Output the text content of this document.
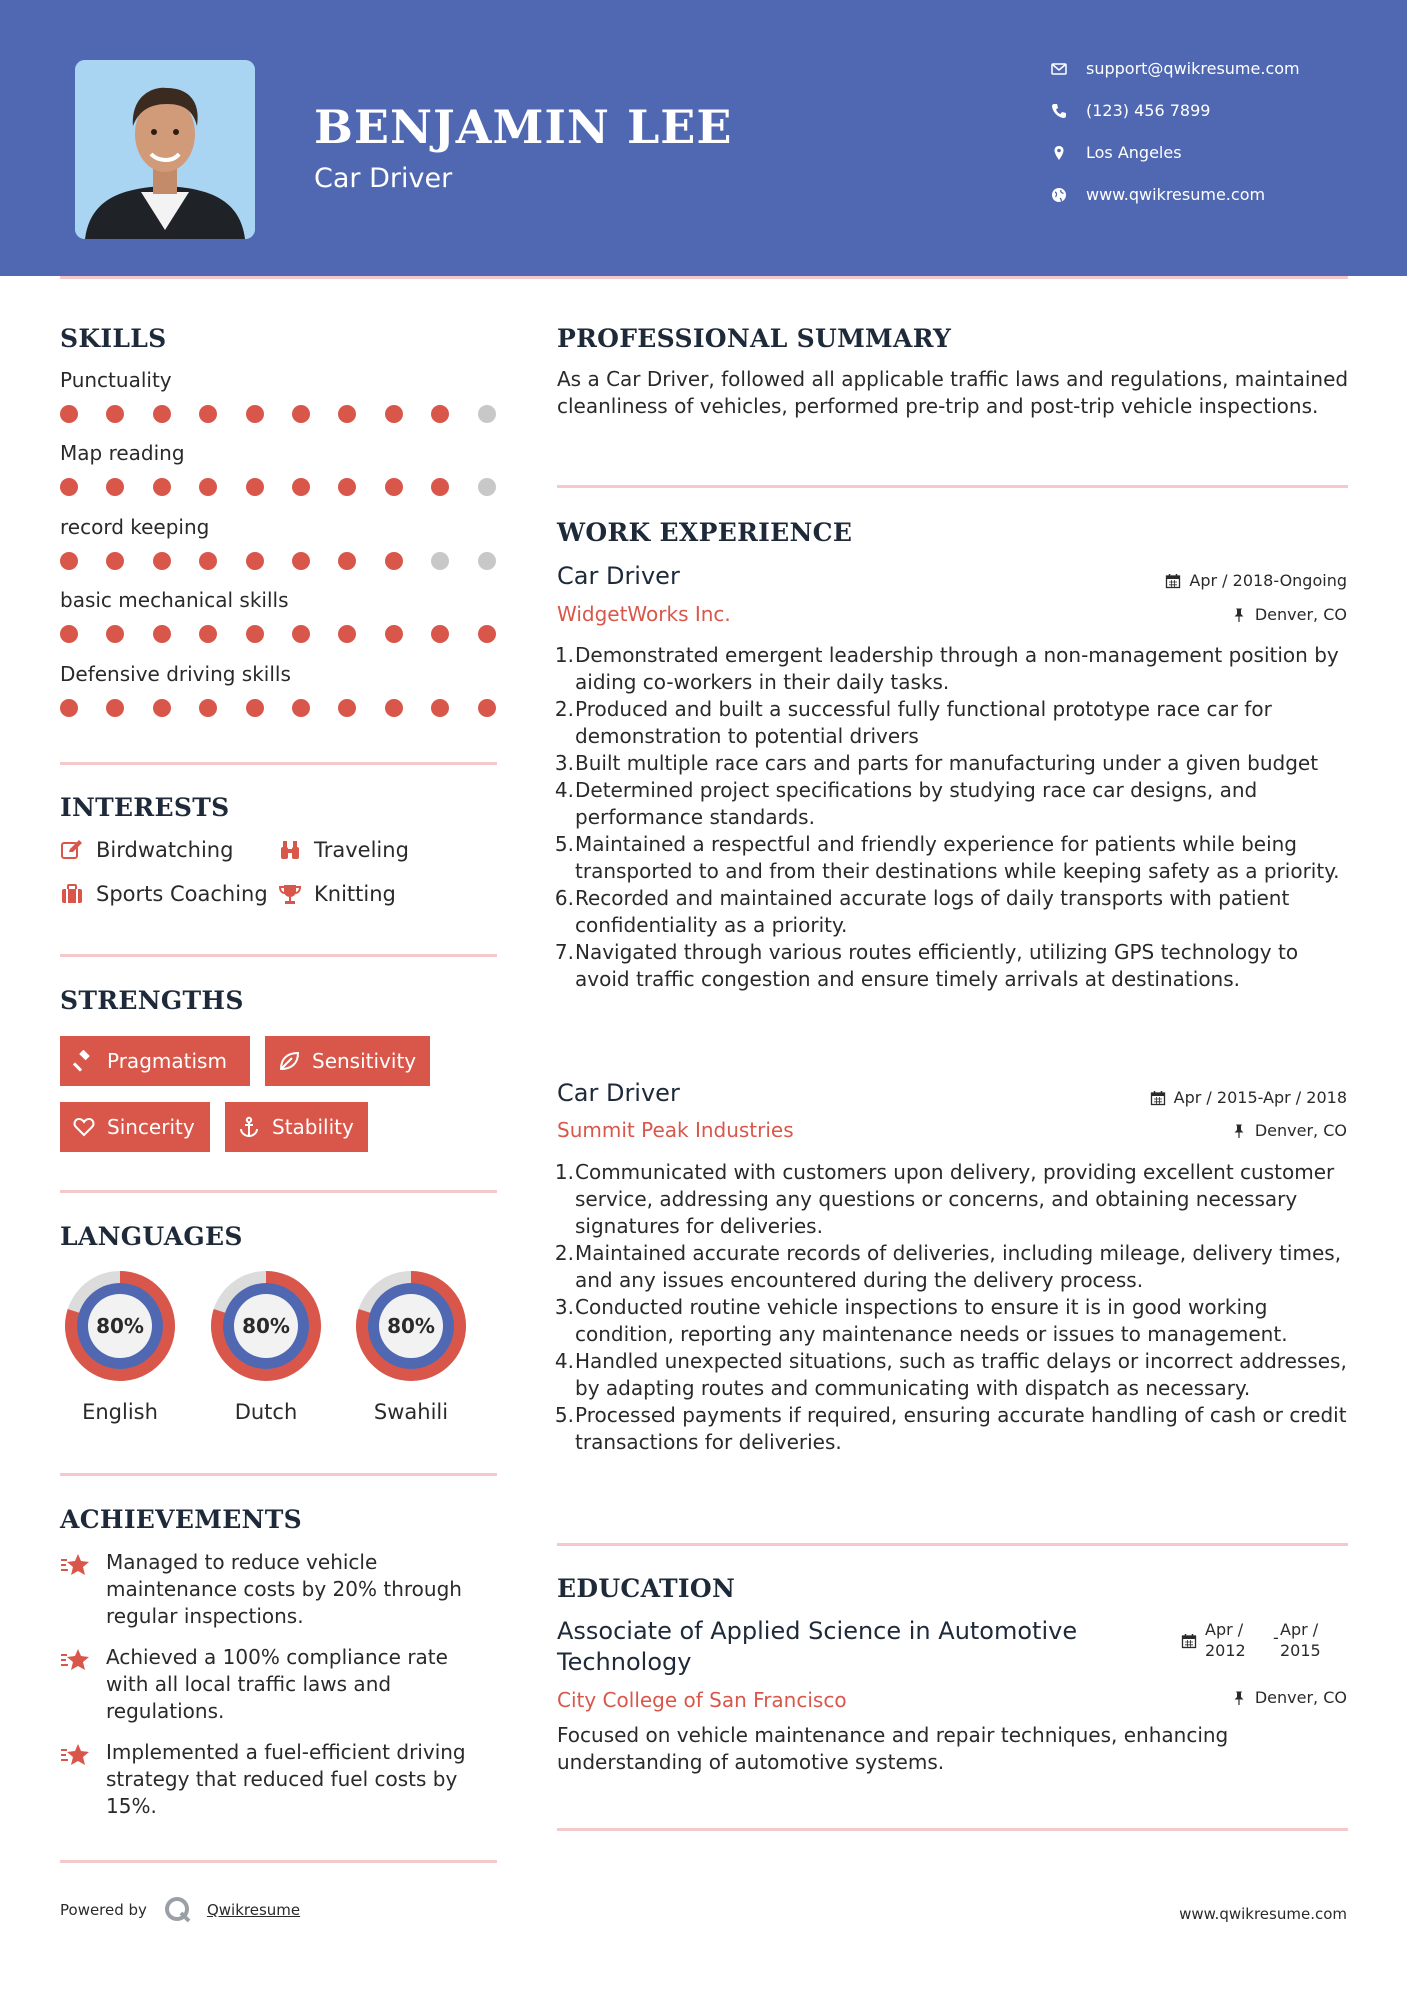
BENJAMIN LEE
Car Driver
support@qwikresume.com
(123) 456 7899
Los Angeles
www.qwikresume.com
SKILLS
Punctuality
Map reading
record keeping
basic mechanical skills
Defensive driving skills
INTERESTS
Birdwatching	Traveling
Sports Coaching Knitting
STRENGTHS
Pragmatism	Sensitivity
Sincerity	Stability
LANGUAGES
80%
English
80%
Dutch
80%
Swahili
ACHIEVEMENTS
Managed to reduce vehicle maintenance costs by 20% through regular inspections.
Achieved a 100% compliance rate with all local traffic laws and regulations.
Implemented a fuel-efficient driving strategy that reduced fuel costs by 15%.
PROFESSIONAL SUMMARY
As a Car Driver, followed all applicable traffic laws and regulations, maintained cleanliness of vehicles, performed pre-trip and post-trip vehicle inspections.
WORK EXPERIENCE
Car Driver	Apr / 2018-Ongoing
WidgetWorks Inc.	Denver, CO
1. Demonstrated emergent leadership through a non-management position by aiding co-workers in their daily tasks.
2. Produced and built a successful fully functional prototype race car for demonstration to potential drivers
3. Built multiple race cars and parts for manufacturing under a given budget
4. Determined project specifications by studying race car designs, and performance standards.
5. Maintained a respectful and friendly experience for patients while being transported to and from their destinations while keeping safety as a priority.
6. Recorded and maintained accurate logs of daily transports with patient confidentiality as a priority.
7. Navigated through various routes efficiently, utilizing GPS technology to avoid traffic congestion and ensure timely arrivals at destinations.
Car Driver	Apr / 2015-Apr / 2018
Summit Peak Industries	Denver, CO
1. Communicated with customers upon delivery, providing excellent customer service, addressing any questions or concerns, and obtaining necessary signatures for deliveries.
2. Maintained accurate records of deliveries, including mileage, delivery times, and any issues encountered during the delivery process.
3. Conducted routine vehicle inspections to ensure it is in good working condition, reporting any maintenance needs or issues to management.
4. Handled unexpected situations, such as traffic delays or incorrect addresses, by adapting routes and communicating with dispatch as necessary.
5. Processed payments if required, ensuring accurate handling of cash or credit transactions for deliveries.
EDUCATION
Associate of Applied Science in Automotive
Technology
City College of San Francisco
Apr /
2012
- Apr /
2015
Denver, CO
Focused on vehicle maintenance and repair techniques, enhancing understanding of automotive systems.
Powered by	Qwikresume	www.qwikresume.com
